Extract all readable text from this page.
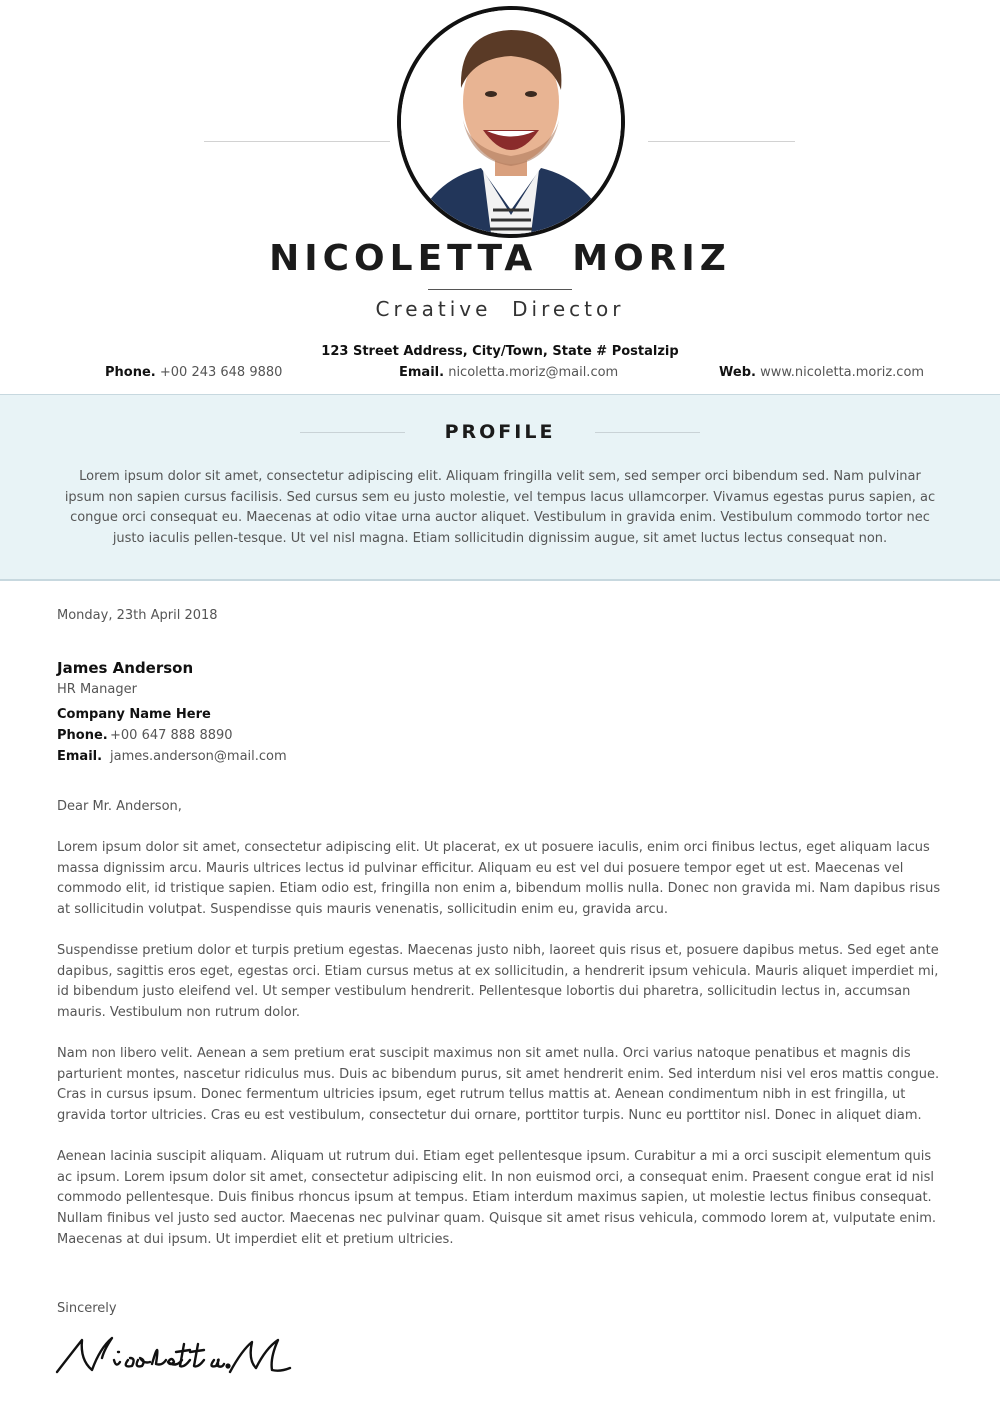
NICOLETTA  MORIZ
Creative  Director
123 Street Address, City/Town, State # Postalzip
Phone. +00 243 648 9880	Email. nicoletta.moriz@mail.com	Web. www.nicoletta.moriz.com
PROFILE
Lorem ipsum dolor sit amet, consectetur adipiscing elit. Aliquam fringilla velit sem, sed semper orci bibendum sed. Nam pulvinar ipsum non sapien cursus facilisis. Sed cursus sem eu justo molestie, vel tempus lacus ullamcorper. Vivamus egestas purus sapien, ac congue orci consequat eu. Maecenas at odio vitae urna auctor aliquet. Vestibulum in gravida enim. Vestibulum commodo tortor nec justo iaculis pellen-tesque. Ut vel nisl magna. Etiam sollicitudin dignissim augue, sit amet luctus lectus consequat non.
Monday, 23th April 2018
James Anderson
HR Manager
Company Name Here
Phone. +00 647 888 8890
Email. james.anderson@mail.com
Dear Mr. Anderson,
Lorem ipsum dolor sit amet, consectetur adipiscing elit. Ut placerat, ex ut posuere iaculis, enim orci finibus lectus, eget aliquam lacus massa dignissim arcu. Mauris ultrices lectus id pulvinar efficitur. Aliquam eu est vel dui posuere tempor eget ut est. Maecenas vel commodo elit, id tristique sapien. Etiam odio est, fringilla non enim a, bibendum mollis nulla. Donec non gravida mi. Nam dapibus risus at sollicitudin volutpat. Suspendisse quis mauris venenatis, sollicitudin enim eu, gravida arcu.
Suspendisse pretium dolor et turpis pretium egestas. Maecenas justo nibh, laoreet quis risus et, posuere dapibus metus. Sed eget ante dapibus, sagittis eros eget, egestas orci. Etiam cursus metus at ex sollicitudin, a hendrerit ipsum vehicula. Mauris aliquet imperdiet mi, id bibendum justo eleifend vel. Ut semper vestibulum hendrerit. Pellentesque lobortis dui pharetra, sollicitudin lectus in, accumsan mauris. Vestibulum non rutrum dolor.
Nam non libero velit. Aenean a sem pretium erat suscipit maximus non sit amet nulla. Orci varius natoque penatibus et magnis dis parturient montes, nascetur ridiculus mus. Duis ac bibendum purus, sit amet hendrerit enim. Sed interdum nisi vel eros mattis congue. Cras in cursus ipsum. Donec fermentum ultricies ipsum, eget rutrum tellus mattis at. Aenean condimentum nibh in est fringilla, ut gravida tortor ultricies. Cras eu est vestibulum, consectetur dui ornare, porttitor turpis. Nunc eu porttitor nisl. Donec in aliquet diam.
Aenean lacinia suscipit aliquam. Aliquam ut rutrum dui. Etiam eget pellentesque ipsum. Curabitur a mi a orci suscipit elementum quis ac ipsum. Lorem ipsum dolor sit amet, consectetur adipiscing elit. In non euismod orci, a consequat enim. Praesent congue erat id nisl commodo pellentesque. Duis finibus rhoncus ipsum at tempus. Etiam interdum maximus sapien, ut molestie lectus finibus consequat. Nullam finibus vel justo sed auctor. Maecenas nec pulvinar quam. Quisque sit amet risus vehicula, commodo lorem at, vulputate enim. Maecenas at dui ipsum. Ut imperdiet elit et pretium ultricies.
Sincerely
